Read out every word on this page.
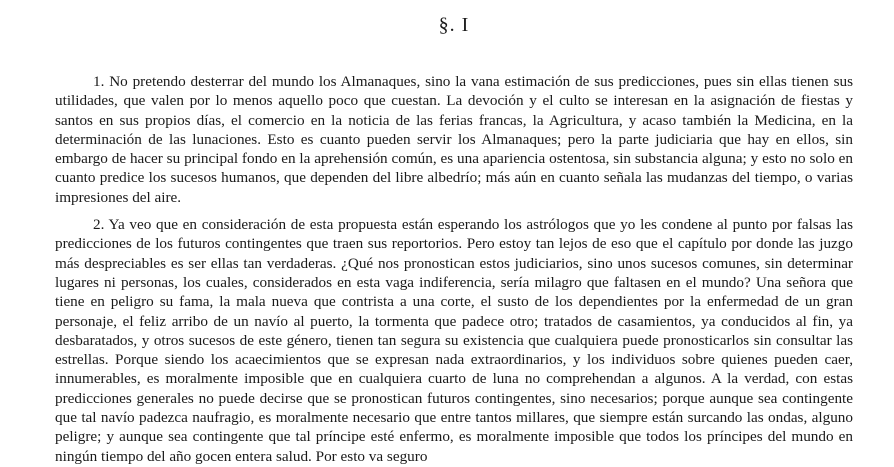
§. I

1. No pretendo desterrar del mundo los Almanaques, sino la vana estimación de sus predicciones, pues sin ellas tienen sus utilidades, que valen por lo menos aquello poco que cuestan. La devoción y el culto se interesan en la asignación de fiestas y santos en sus propios días, el comercio en la noticia de las ferias francas, la Agricultura, y acaso también la Medicina, en la determinación de las lunaciones. Esto es cuanto pueden servir los Almanaques; pero la parte judiciaria que hay en ellos, sin embargo de hacer su principal fondo en la aprehensión común, es una apariencia ostentosa, sin substancia alguna; y esto no solo en cuanto predice los sucesos humanos, que dependen del libre albedrío; más aún en cuanto señala las mudanzas del tiempo, o varias impresiones del aire.

2. Ya veo que en consideración de esta propuesta están esperando los astrólogos que yo les condene al punto por falsas las predicciones de los futuros contingentes que traen sus reportorios. Pero estoy tan lejos de eso que el capítulo por donde las juzgo más despreciables es ser ellas tan verdaderas. ¿Qué nos pronostican estos judiciarios, sino unos sucesos comunes, sin determinar lugares ni personas, los cuales, considerados en esta vaga indiferencia, sería milagro que faltasen en el mundo? Una señora que tiene en peligro su fama, la mala nueva que contrista a una corte, el susto de los dependientes por la enfermedad de un gran personaje, el feliz arribo de un navío al puerto, la tormenta que padece otro; tratados de casamientos, ya conducidos al fin, ya desbaratados, y otros sucesos de este género, tienen tan segura su existencia que cualquiera puede pronosticarlos sin consultar las estrellas. Porque siendo los acaecimientos que se expresan nada extraordinarios, y los individuos sobre quienes pueden caer, innumerables, es moralmente imposible que en cualquiera cuarto de luna no comprehendan a algunos. A la verdad, con estas predicciones generales no puede decirse que se pronostican futuros contingentes, sino necesarios; porque aunque sea contingente que tal navío padezca naufragio, es moralmente necesario que entre tantos millares, que siempre están surcando las ondas, alguno peligre; y aunque sea contingente que tal príncipe esté enfermo, es moralmente imposible que todos los príncipes del mundo en ningún tiempo del año gocen entera salud. Por esto va seguro
